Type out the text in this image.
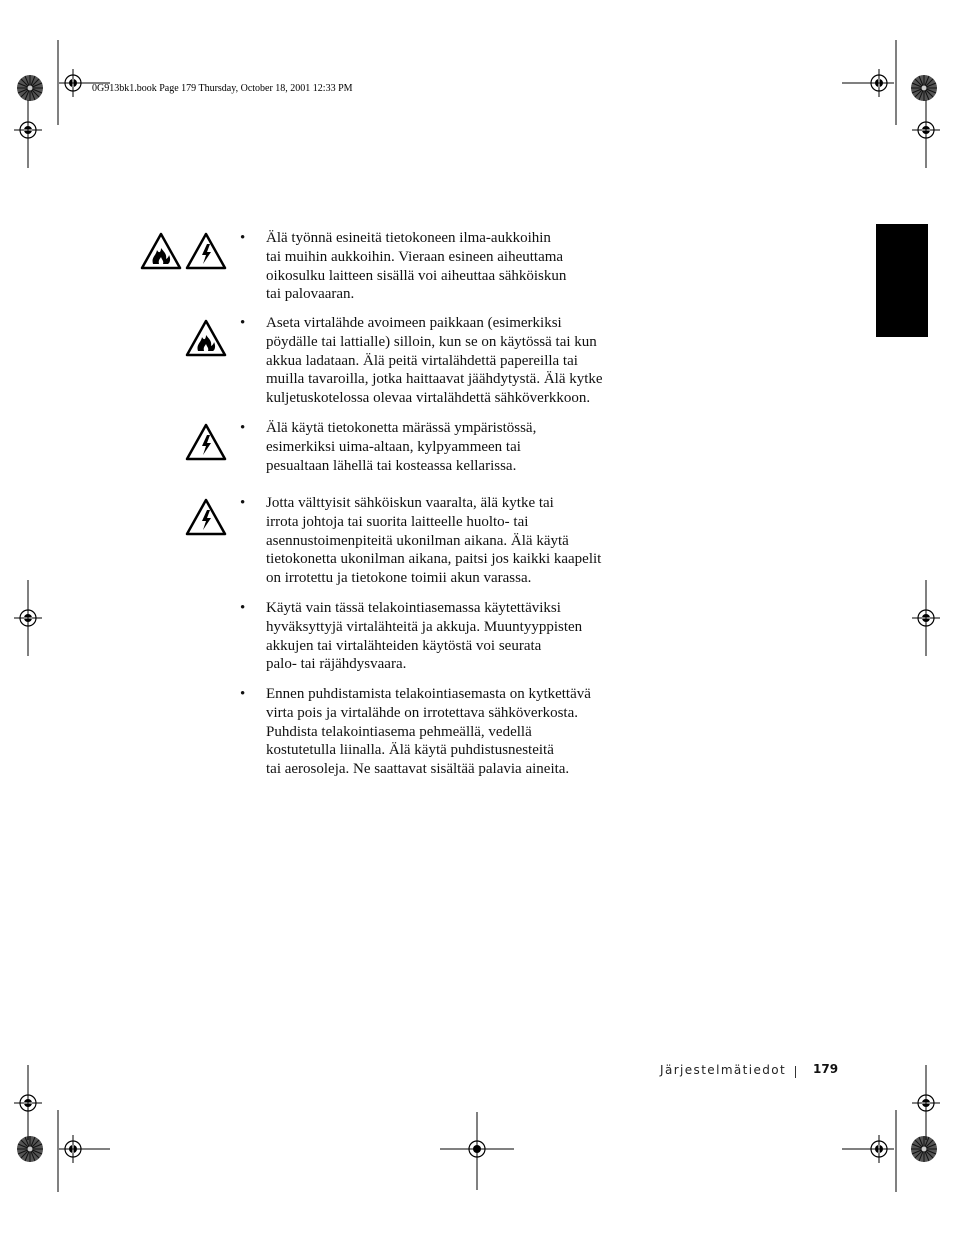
0G913bk1.book Page 179 Thursday, October 18, 2001 12:33 PM
• Älä työnnä esineitä tietokoneen ilma-aukkoihin
tai muihin aukkoihin. Vieraan esineen aiheuttama
oikosulku laitteen sisällä voi aiheuttaa sähköiskun
tai palovaaran.
• Aseta virtalähde avoimeen paikkaan (esimerkiksi
pöydälle tai lattialle) silloin, kun se on käytössä tai kun
akkua ladataan. Älä peitä virtalähdettä papereilla tai
muilla tavaroilla, jotka haittaavat jäähdytystä. Älä kytke
kuljetuskotelossa olevaa virtalähdettä sähköverkkoon.
• Älä käytä tietokonetta märässä ympäristössä,
esimerkiksi uima-altaan, kylpyammeen tai
pesualtaan lähellä tai kosteassa kellarissa.
• Jotta välttyisit sähköiskun vaaralta, älä kytke tai
irrota johtoja tai suorita laitteelle huolto- tai
asennustoimenpiteitä ukonilman aikana. Älä käytä
tietokonetta ukonilman aikana, paitsi jos kaikki kaapelit
on irrotettu ja tietokone toimii akun varassa.
• Käytä vain tässä telakointiasemassa käytettäviksi
hyväksyttyjä virtalähteitä ja akkuja. Muuntyyppisten
akkujen tai virtalähteiden käytöstä voi seurata
palo- tai räjähdysvaara.
• Ennen puhdistamista telakointiasemasta on kytkettävä
virta pois ja virtalähde on irrotettava sähköverkosta.
Puhdista telakointiasema pehmeällä, vedellä
kostutetulla liinalla. Älä käytä puhdistusnesteitä
tai aerosoleja. Ne saattavat sisältää palavia aineita.
Järjestelmätiedot 179
